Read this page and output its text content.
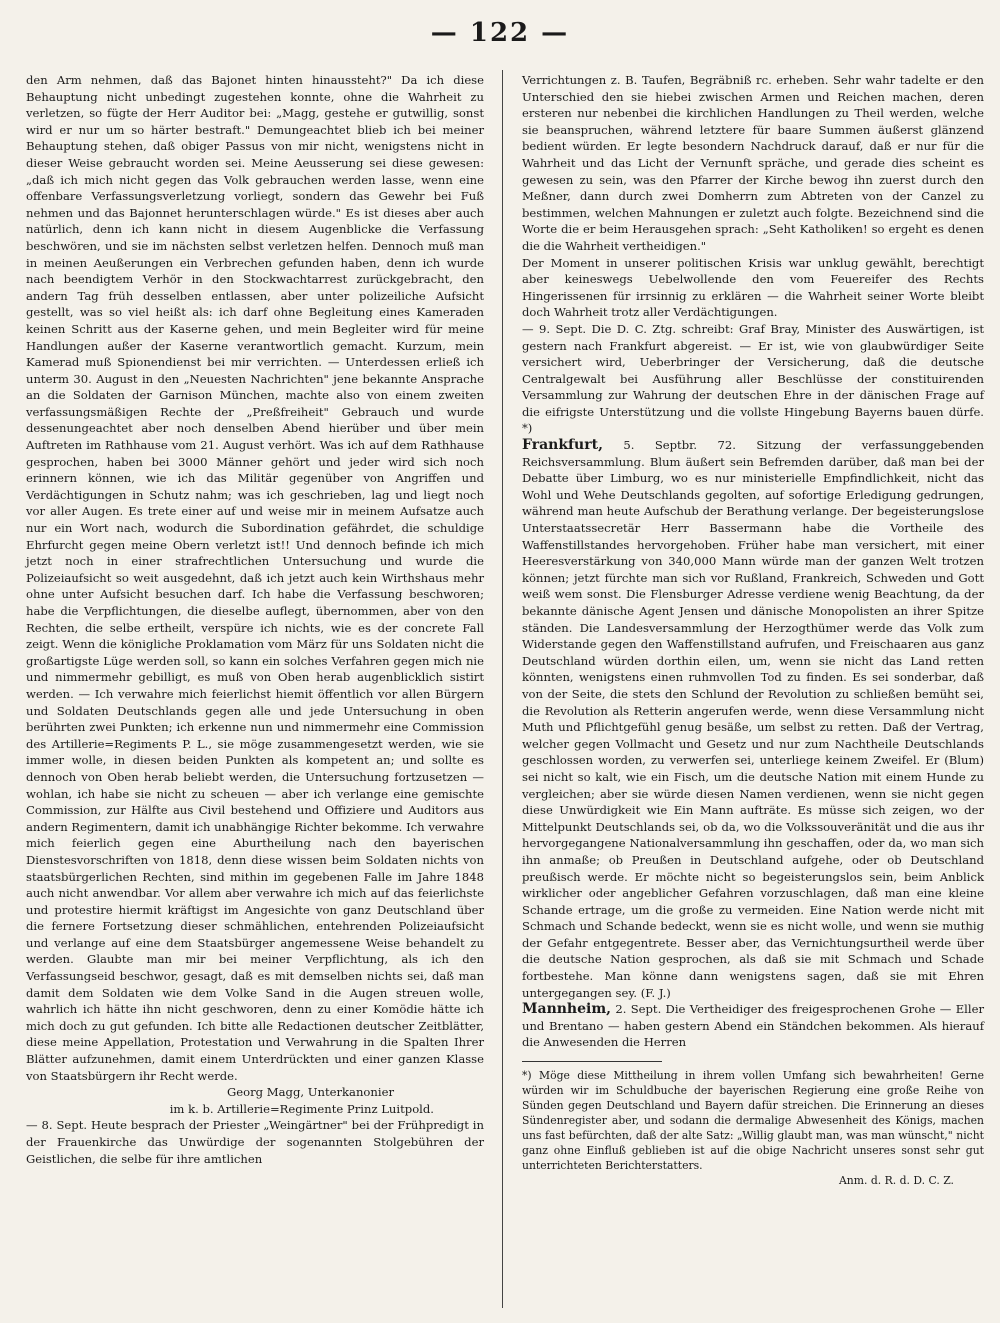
— 122 —

den Arm nehmen, daß das Bajonet hinten hinaussteht?" Da ich diese Behauptung nicht unbedingt zugestehen konnte, ohne die Wahrheit zu verletzen, so fügte der Herr Auditor bei: „Magg, gestehe er gutwillig, sonst wird er nur um so härter bestraft." Demungeachtet blieb ich bei meiner Behauptung stehen, daß obiger Passus von mir nicht, wenigstens nicht in dieser Weise gebraucht worden sei. Meine Aeusserung sei diese gewesen: „daß ich mich nicht gegen das Volk gebrauchen werden lasse, wenn eine offenbare Verfassungsverletzung vorliegt, sondern das Gewehr bei Fuß nehmen und das Bajonnet herunterschlagen würde." Es ist dieses aber auch natürlich, denn ich kann nicht in diesem Augenblicke die Verfassung beschwören, und sie im nächsten selbst verletzen helfen. Dennoch muß man in meinen Aeußerungen ein Verbrechen gefunden haben, denn ich wurde nach beendigtem Verhör in den Stockwachtarrest zurückgebracht, den andern Tag früh desselben entlassen, aber unter polizeiliche Aufsicht gestellt, was so viel heißt als: ich darf ohne Begleitung eines Kameraden keinen Schritt aus der Kaserne gehen, und mein Begleiter wird für meine Handlungen außer der Kaserne verantwortlich gemacht. Kurzum, mein Kamerad muß Spionendienst bei mir verrichten. — Unterdessen erließ ich unterm 30. August in den „Neuesten Nachrichten" jene bekannte Ansprache an die Soldaten der Garnison München, machte also von einem zweiten verfassungsmäßigen Rechte der „Preßfreiheit" Gebrauch und wurde dessenungeachtet aber noch denselben Abend hierüber und über mein Auftreten im Rathhause vom 21. August verhört. Was ich auf dem Rathhause gesprochen, haben bei 3000 Männer gehört und jeder wird sich noch erinnern können, wie ich das Militär gegenüber von Angriffen und Verdächtigungen in Schutz nahm; was ich geschrieben, lag und liegt noch vor aller Augen. Es trete einer auf und weise mir in meinem Aufsatze auch nur ein Wort nach, wodurch die Subordination gefährdet, die schuldige Ehrfurcht gegen meine Obern verletzt ist!! Und dennoch befinde ich mich jetzt noch in einer strafrechtlichen Untersuchung und wurde die Polizeiaufsicht so weit ausgedehnt, daß ich jetzt auch kein Wirthshaus mehr ohne unter Aufsicht besuchen darf. Ich habe die Verfassung beschworen; habe die Verpflichtungen, die dieselbe auflegt, übernommen, aber von den Rechten, die selbe ertheilt, verspüre ich nichts, wie es der concrete Fall zeigt. Wenn die königliche Proklamation vom März für uns Soldaten nicht die großartigste Lüge werden soll, so kann ein solches Verfahren gegen mich nie und nimmermehr gebilligt, es muß von Oben herab augenblicklich sistirt werden. — Ich verwahre mich feierlichst hiemit öffentlich vor allen Bürgern und Soldaten Deutschlands gegen alle und jede Untersuchung in oben berührten zwei Punkten; ich erkenne nun und nimmermehr eine Commission des Artillerie=Regiments P. L., sie möge zusammengesetzt werden, wie sie immer wolle, in diesen beiden Punkten als kompetent an; und sollte es dennoch von Oben herab beliebt werden, die Untersuchung fortzusetzen — wohlan, ich habe sie nicht zu scheuen — aber ich verlange eine gemischte Commission, zur Hälfte aus Civil bestehend und Offiziere und Auditors aus andern Regimentern, damit ich unabhängige Richter bekomme. Ich verwahre mich feierlich gegen eine Aburtheilung nach den bayerischen Dienstesvorschriften von 1818, denn diese wissen beim Soldaten nichts von staatsbürgerlichen Rechten, sind mithin im gegebenen Falle im Jahre 1848 auch nicht anwendbar. Vor allem aber verwahre ich mich auf das feierlichste und protestire hiermit kräftigst im Angesichte von ganz Deutschland über die fernere Fortsetzung dieser schmählichen, entehrenden Polizeiaufsicht und verlange auf eine dem Staatsbürger angemessene Weise behandelt zu werden. Glaubte man mir bei meiner Verpflichtung, als ich den Verfassungseid beschwor, gesagt, daß es mit demselben nichts sei, daß man damit dem Soldaten wie dem Volke Sand in die Augen streuen wolle, wahrlich ich hätte ihn nicht geschworen, denn zu einer Komödie hätte ich mich doch zu gut gefunden. Ich bitte alle Redactionen deutscher Zeitblätter, diese meine Appellation, Protestation und Verwahrung in die Spalten Ihrer Blätter aufzunehmen, damit einem Unterdrückten und einer ganzen Klasse von Staatsbürgern ihr Recht werde.

Georg Magg, Unterkanonier

im k. b. Artillerie=Regimente Prinz Luitpold.

— 8. Sept. Heute besprach der Priester „Weingärtner" bei der Frühpredigt in der Frauenkirche das Unwürdige der sogenannten Stolgebühren der Geistlichen, die selbe für ihre amtlichen

Verrichtungen z. B. Taufen, Begräbniß rc. erheben. Sehr wahr tadelte er den Unterschied den sie hiebei zwischen Armen und Reichen machen, deren ersteren nur nebenbei die kirchlichen Handlungen zu Theil werden, welche sie beanspruchen, während letztere für baare Summen äußerst glänzend bedient würden. Er legte besondern Nachdruck darauf, daß er nur für die Wahrheit und das Licht der Vernunft spräche, und gerade dies scheint es gewesen zu sein, was den Pfarrer der Kirche bewog ihn zuerst durch den Meßner, dann durch zwei Domherrn zum Abtreten von der Canzel zu bestimmen, welchen Mahnungen er zuletzt auch folgte. Bezeichnend sind die Worte die er beim Herausgehen sprach: „Seht Katholiken! so ergeht es denen die die Wahrheit vertheidigen."

Der Moment in unserer politischen Krisis war unklug gewählt, berechtigt aber keineswegs Uebelwollende den vom Feuereifer des Rechts Hingerissenen für irrsinnig zu erklären — die Wahrheit seiner Worte bleibt doch Wahrheit trotz aller Verdächtigungen.

— 9. Sept. Die D. C. Ztg. schreibt: Graf Bray, Minister des Auswärtigen, ist gestern nach Frankfurt abgereist. — Er ist, wie von glaubwürdiger Seite versichert wird, Ueberbringer der Versicherung, daß die deutsche Centralgewalt bei Ausführung aller Beschlüsse der constituirenden Versammlung zur Wahrung der deutschen Ehre in der dänischen Frage auf die eifrigste Unterstützung und die vollste Hingebung Bayerns bauen dürfe. *)

Frankfurt, 5. Septbr. 72. Sitzung der verfassunggebenden Reichsversammlung. Blum äußert sein Befremden darüber, daß man bei der Debatte über Limburg, wo es nur ministerielle Empfindlichkeit, nicht das Wohl und Wehe Deutschlands gegolten, auf sofortige Erledigung gedrungen, während man heute Aufschub der Berathung verlange. Der begeisterungslose Unterstaatssecretär Herr Bassermann habe die Vortheile des Waffenstillstandes hervorgehoben. Früher habe man versichert, mit einer Heeresverstärkung von 340,000 Mann würde man der ganzen Welt trotzen können; jetzt fürchte man sich vor Rußland, Frankreich, Schweden und Gott weiß wem sonst. Die Flensburger Adresse verdiene wenig Beachtung, da der bekannte dänische Agent Jensen und dänische Monopolisten an ihrer Spitze ständen. Die Landesversammlung der Herzogthümer werde das Volk zum Widerstande gegen den Waffenstillstand aufrufen, und Freischaaren aus ganz Deutschland würden dorthin eilen, um, wenn sie nicht das Land retten könnten, wenigstens einen ruhmvollen Tod zu finden. Es sei sonderbar, daß von der Seite, die stets den Schlund der Revolution zu schließen bemüht sei, die Revolution als Retterin angerufen werde, wenn diese Versammlung nicht Muth und Pflichtgefühl genug besäße, um selbst zu retten. Daß der Vertrag, welcher gegen Vollmacht und Gesetz und nur zum Nachtheile Deutschlands geschlossen worden, zu verwerfen sei, unterliege keinem Zweifel. Er (Blum) sei nicht so kalt, wie ein Fisch, um die deutsche Nation mit einem Hunde zu vergleichen; aber sie würde diesen Namen verdienen, wenn sie nicht gegen diese Unwürdigkeit wie Ein Mann aufträte. Es müsse sich zeigen, wo der Mittelpunkt Deutschlands sei, ob da, wo die Volkssouveränität und die aus ihr hervorgegangene Nationalversammlung ihn geschaffen, oder da, wo man sich ihn anmaße; ob Preußen in Deutschland aufgehe, oder ob Deutschland preußisch werde. Er möchte nicht so begeisterungslos sein, beim Anblick wirklicher oder angeblicher Gefahren vorzuschlagen, daß man eine kleine Schande ertrage, um die große zu vermeiden. Eine Nation werde nicht mit Schmach und Schande bedeckt, wenn sie es nicht wolle, und wenn sie muthig der Gefahr entgegentrete. Besser aber, das Vernichtungsurtheil werde über die deutsche Nation gesprochen, als daß sie mit Schmach und Schade fortbestehe. Man könne dann wenigstens sagen, daß sie mit Ehren untergegangen sey. (F. J.)

Mannheim, 2. Sept. Die Vertheidiger des freigesprochenen Grohe — Eller und Brentano — haben gestern Abend ein Ständchen bekommen. Als hierauf die Anwesenden die Herren

*) Möge diese Mittheilung in ihrem vollen Umfang sich bewahrheiten! Gerne würden wir im Schuldbuche der bayerischen Regierung eine große Reihe von Sünden gegen Deutschland und Bayern dafür streichen. Die Erinnerung an dieses Sündenregister aber, und sodann die dermalige Abwesenheit des Königs, machen uns fast befürchten, daß der alte Satz: „Willig glaubt man, was man wünscht," nicht ganz ohne Einfluß geblieben ist auf die obige Nachricht unseres sonst sehr gut unterrichteten Berichterstatters.

Anm. d. R. d. D. C. Z.
